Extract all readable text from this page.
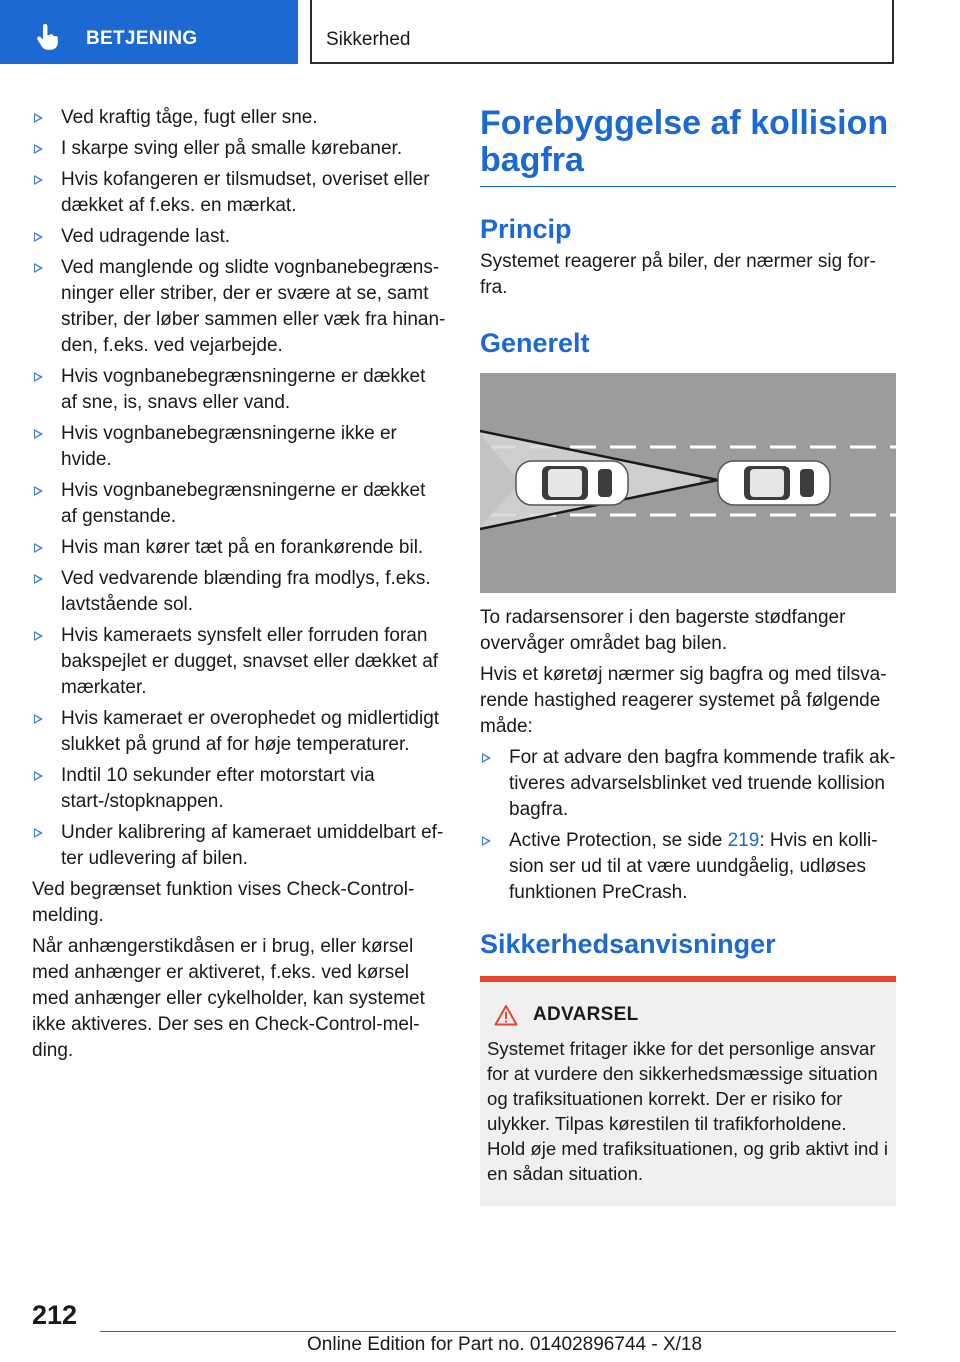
BETJENING	Sikkerhed
Ved kraftig tåge, fugt eller sne.
I skarpe sving eller på smalle kørebaner.
Hvis kofangeren er tilsmudset, overiset eller dækket af f.eks. en mærkat.
Ved udragende last.
Ved manglende og slidte vognbanebegrænsninger eller striber, der er svære at se, samt striber, der løber sammen eller væk fra hinanden, f.eks. ved vejarbejde.
Hvis vognbanebegrænsningerne er dækket af sne, is, snavs eller vand.
Hvis vognbanebegrænsningerne ikke er hvide.
Hvis vognbanebegrænsningerne er dækket af genstande.
Hvis man kører tæt på en forankørende bil.
Ved vedvarende blænding fra modlys, f.eks. lavtstående sol.
Hvis kameraets synsfelt eller forruden foran bakspejlet er dugget, snavset eller dækket af mærkater.
Hvis kameraet er overophedet og midlertidigt slukket på grund af for høje temperaturer.
Indtil 10 sekunder efter motorstart via start-/stopknappen.
Under kalibrering af kameraet umiddelbart efter udlevering af bilen.

Ved begrænset funktion vises Check-Control-melding.

Når anhængerstikdåsen er i brug, eller kørsel med anhænger er aktiveret, f.eks. ved kørsel med anhænger eller cykelholder, kan systemet ikke aktiveres. Der ses en Check-Control-melding.

Forebyggelse af kollision bagfra
Princip

Systemet reagerer på biler, der nærmer sig forfra.

Generelt

To radarsensorer i den bagerste stødfanger overvåger området bag bilen.

Hvis et køretøj nærmer sig bagfra og med tilsvarende hastighed reagerer systemet på følgende måde:

For at advare den bagfra kommende trafik aktiveres advarselsblinket ved truende kollision bagfra.
Active Protection, se side 219: Hvis en kollision ser ud til at være uundgåelig, udløses funktionen PreCrash.
Sikkerhedsanvisninger
ADVARSEL
Systemet fritager ikke for det personlige ansvar for at vurdere den sikkerhedsmæssige situation og trafiksituationen korrekt. Der er risiko for ulykker. Tilpas kørestilen til trafikforholdene. Hold øje med trafiksituationen, og grib aktivt ind i en sådan situation.
212
Online Edition for Part no. 01402896744 - X/18
